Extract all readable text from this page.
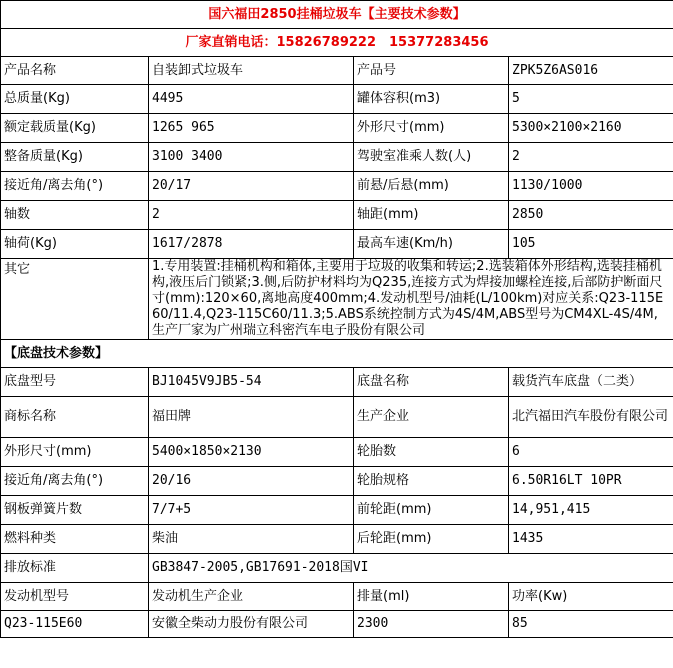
国六福田2850挂桶垃圾车【主要技术参数】			
厂家直销电话：15826789222　15377283456			
产品名称	自装卸式垃圾车	产品号	ZPK5Z6AS016
总质量(Kg)	4495	罐体容积(m3)	5
额定载质量(Kg)	1265 965	外形尺寸(mm)	5300×2100×2160
整备质量(Kg)	3100 3400	驾驶室准乘人数(人)	2
接近角/离去角(°)	20/17	前悬/后悬(mm)	1130/1000
轴数	2	轴距(mm)	2850
轴荷(Kg)	1617/2878	最高车速(Km/h)	105
其它	1.专用装置:挂桶机构和箱体,主要用于垃圾的收集和转运;2.选装箱体外形结构,选装挂桶机构,液压后门锁紧;3.侧,后防护材料均为Q235,连接方式为焊接加螺栓连接,后部防护断面尺寸(mm):120×60,离地高度400mm;4.发动机型号/油耗(L/100km)对应关系:Q23-115E60/11.4,Q23-115C60/11.3;5.ABS系统控制方式为4S/4M,ABS型号为CM4XL-4S/4M,生产厂家为广州瑞立科密汽车电子股份有限公司		
【底盘技术参数】			
底盘型号	BJ1045V9JB5-54	底盘名称	载货汽车底盘（二类）
商标名称	福田牌	生产企业	北汽福田汽车股份有限公司
外形尺寸(mm)	5400×1850×2130	轮胎数	6
接近角/离去角(°)	20/16	轮胎规格	6.50R16LT 10PR
钢板弹簧片数	7/7+5	前轮距(mm)	14,951,415
燃料种类	柴油	后轮距(mm)	1435
排放标准	GB3847-2005,GB17691-2018国VI		
发动机型号	发动机生产企业	排量(ml)	功率(Kw)
Q23-115E60	安徽全柴动力股份有限公司	2300	85
